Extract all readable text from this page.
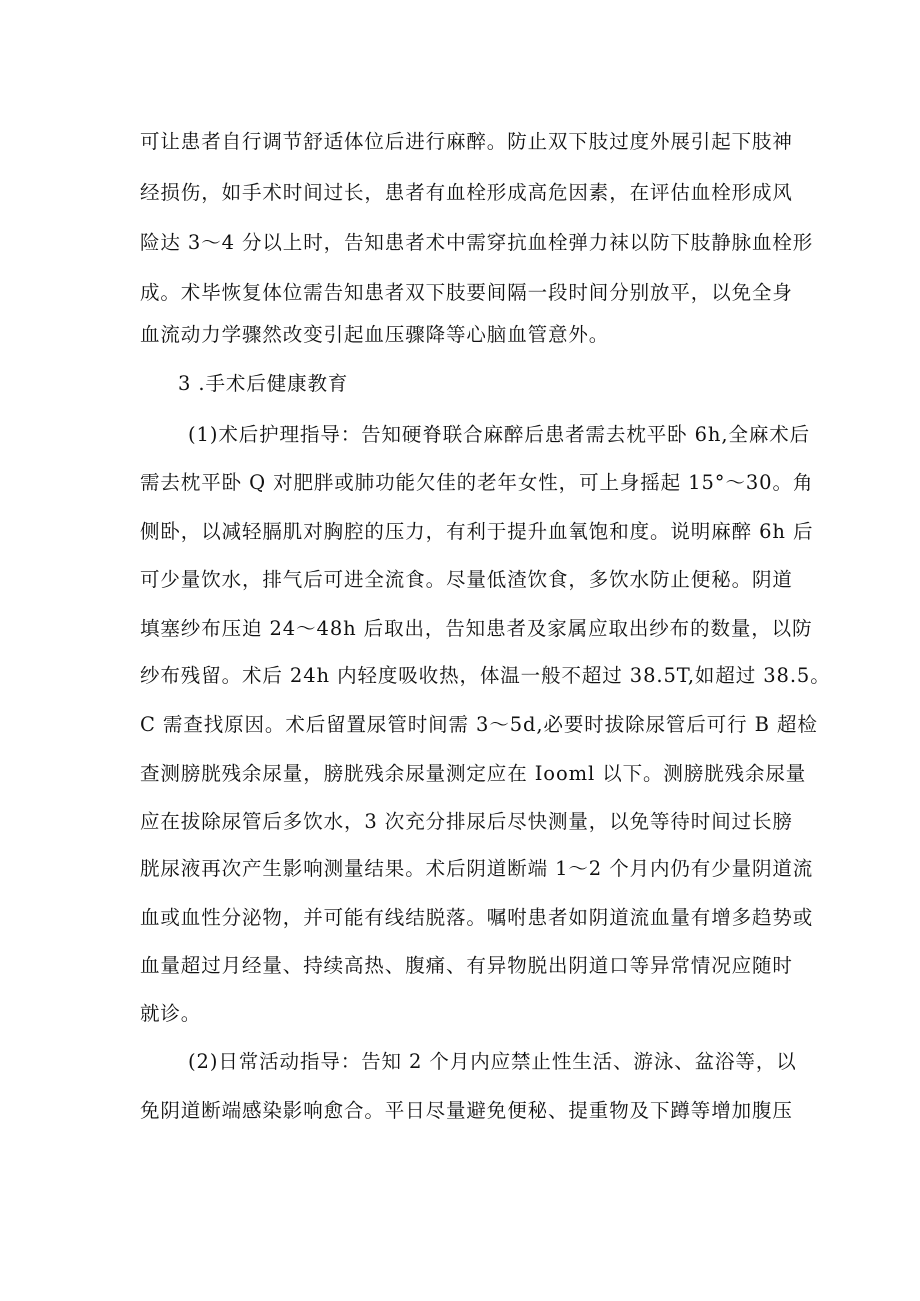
可让患者自行调节舒适体位后进行麻醉。防止双下肢过度外展引起下肢神
经损伤，如手术时间过长，患者有血栓形成高危因素，在评估血栓形成风
险达 3～4 分以上时，告知患者术中需穿抗血栓弹力袜以防下肢静脉血栓形
成。术毕恢复体位需告知患者双下肢要间隔一段时间分别放平，以免全身
血流动力学骤然改变引起血压骤降等心脑血管意外。
3 .手术后健康教育
(1)术后护理指导：告知硬脊联合麻醉后患者需去枕平卧 6h,全麻术后
需去枕平卧 Q 对肥胖或肺功能欠佳的老年女性，可上身摇起 15°～30。角
侧卧，以减轻膈肌对胸腔的压力，有利于提升血氧饱和度。说明麻醉 6h 后
可少量饮水，排气后可进全流食。尽量低渣饮食，多饮水防止便秘。阴道
填塞纱布压迫 24～48h 后取出，告知患者及家属应取出纱布的数量，以防
纱布残留。术后 24h 内轻度吸收热，体温一般不超过 38.5T,如超过 38.5。
C 需查找原因。术后留置尿管时间需 3～5d,必要时拔除尿管后可行 B 超检
查测膀胱残余尿量，膀胱残余尿量测定应在 Iooml 以下。测膀胱残余尿量
应在拔除尿管后多饮水，3 次充分排尿后尽快测量，以免等待时间过长膀
胱尿液再次产生影响测量结果。术后阴道断端 1～2 个月内仍有少量阴道流
血或血性分泌物，并可能有线结脱落。嘱咐患者如阴道流血量有增多趋势或
血量超过月经量、持续高热、腹痛、有异物脱出阴道口等异常情况应随时
就诊。
(2)日常活动指导：告知 2 个月内应禁止性生活、游泳、盆浴等，以
免阴道断端感染影响愈合。平日尽量避免便秘、提重物及下蹲等增加腹压
